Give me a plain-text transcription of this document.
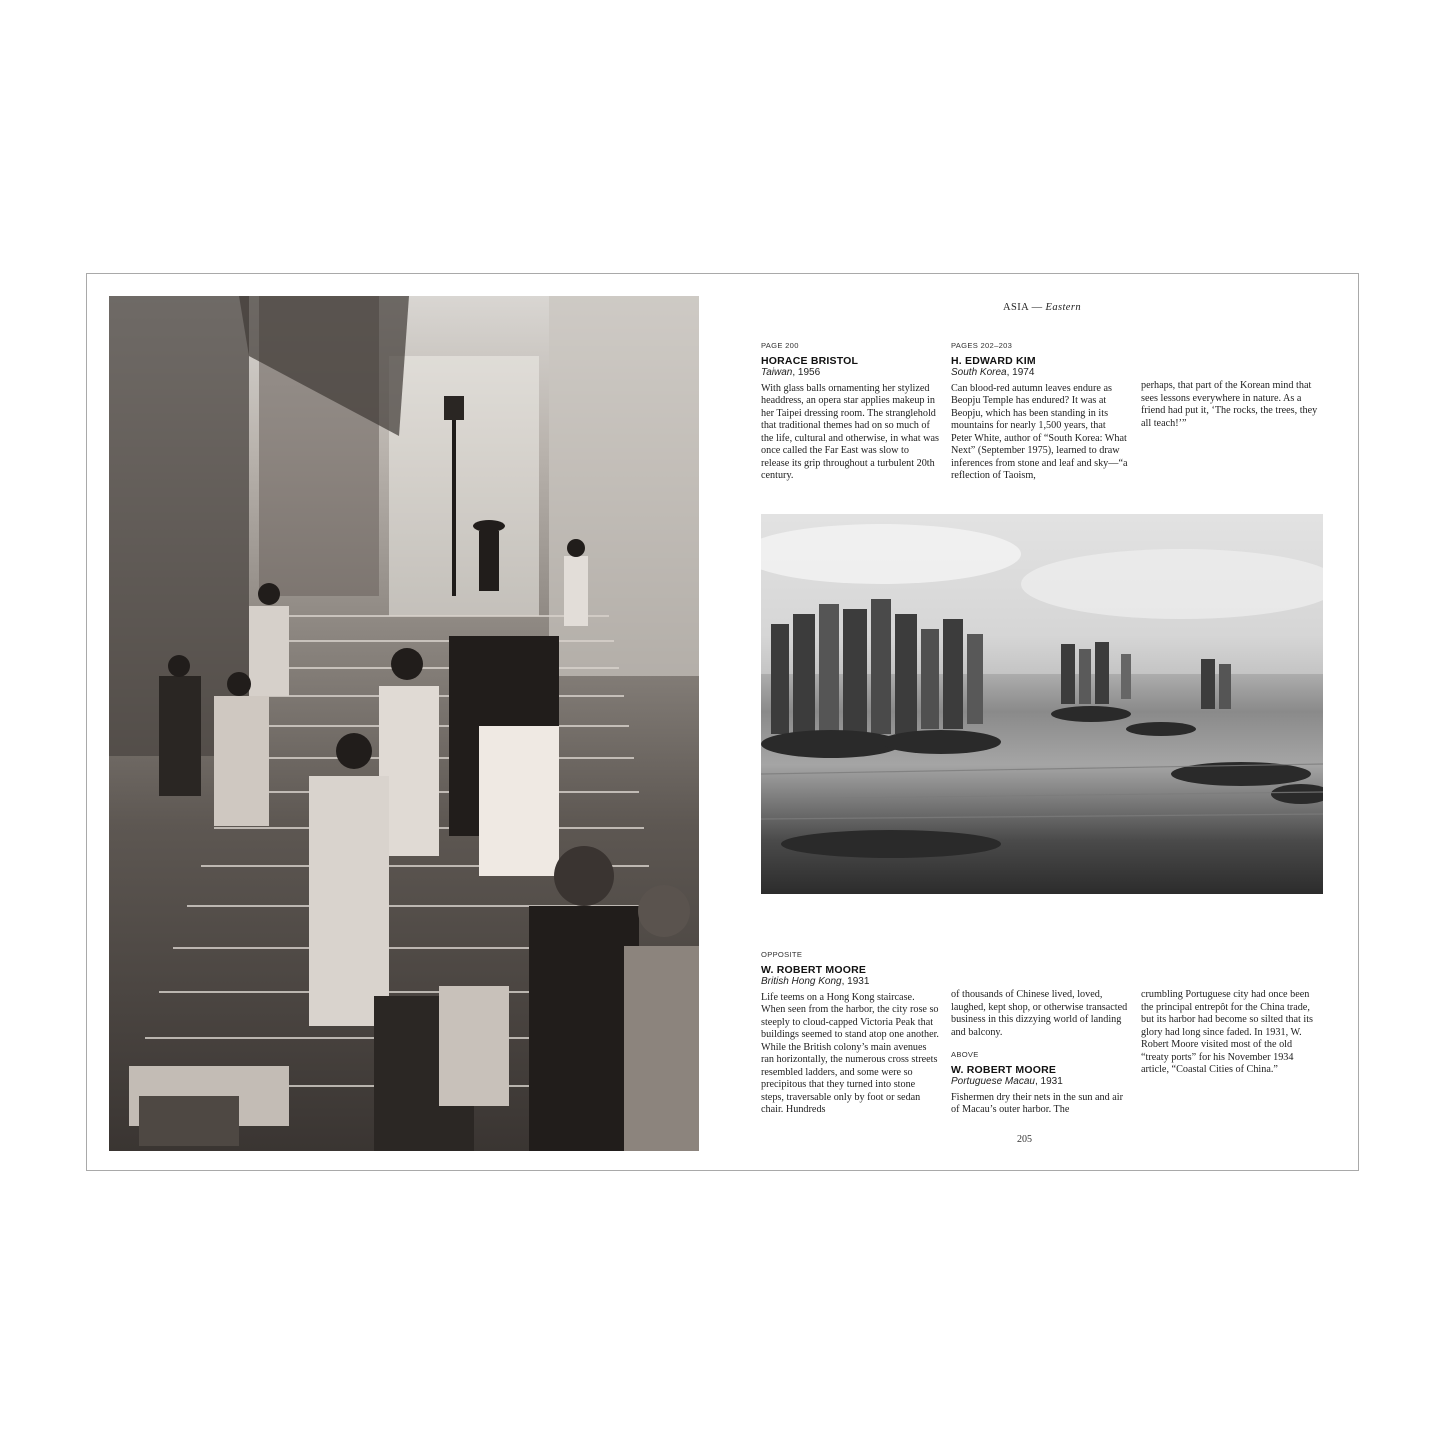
ASIA — Eastern
PAGE 200
HORACE BRISTOL
Taiwan, 1956
With glass balls ornamenting her stylized headdress, an opera star applies makeup in her Taipei dressing room. The stranglehold that traditional themes had on so much of the life, cultural and otherwise, in what was once called the Far East was slow to release its grip throughout a turbulent 20th century.
PAGES 202–203
H. EDWARD KIM
South Korea, 1974
Can blood-red autumn leaves endure as Beopju Temple has endured? It was at Beopju, which has been standing in its mountains for nearly 1,500 years, that Peter White, author of “South Korea: What Next” (September 1975), learned to draw inferences from stone and leaf and sky—“a reflection of Taoism,
perhaps, that part of the Korean mind that sees lessons everywhere in nature. As a friend had put it, ‘The rocks, the trees, they all teach!’”
OPPOSITE
W. ROBERT MOORE
British Hong Kong, 1931
Life teems on a Hong Kong staircase. When seen from the harbor, the city rose so steeply to cloud-capped Victoria Peak that buildings seemed to stand atop one another. While the British colony’s main avenues ran horizontally, the numerous cross streets resembled ladders, and some were so precipitous that they turned into stone steps, traversable only by foot or sedan chair. Hundreds
of thousands of Chinese lived, loved, laughed, kept shop, or otherwise transacted business in this dizzying world of landing and balcony.
ABOVE
W. ROBERT MOORE
Portuguese Macau, 1931
Fishermen dry their nets in the sun and air of Macau’s outer harbor. The
crumbling Portuguese city had once been the principal entrepôt for the China trade, but its harbor had become so silted that its glory had long since faded. In 1931, W. Robert Moore visited most of the old “treaty ports” for his November 1934 article, “Coastal Cities of China.”
205
